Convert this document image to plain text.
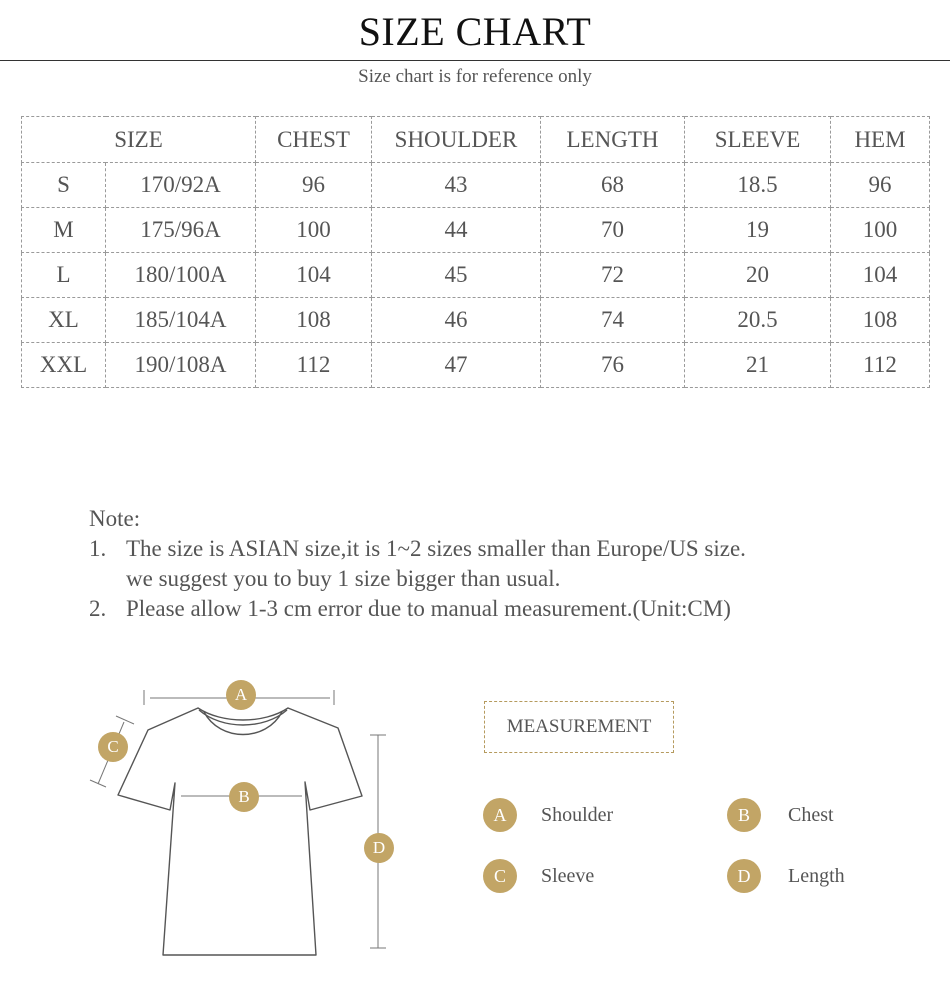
SIZE CHART
Size chart is for reference only
SIZE		CHEST	SHOULDER	LENGTH	SLEEVE	HEM
S	170/92A	96	43	68	18.5	96
M	175/96A	100	44	70	19	100
L	180/100A	104	45	72	20	104
XL	185/104A	108	46	74	20.5	108
XXL	190/108A	112	47	76	21	112
Note:
1. The size is ASIAN size,it is 1~2 sizes smaller than Europe/US size.
we suggest you to buy 1 size bigger than usual.
2. Please allow 1-3 cm error due to manual measurement.(Unit:CM)
A
B
C
D
MEASUREMENT
A	Shoulder	B	Chest
C	Sleeve	D	Length
